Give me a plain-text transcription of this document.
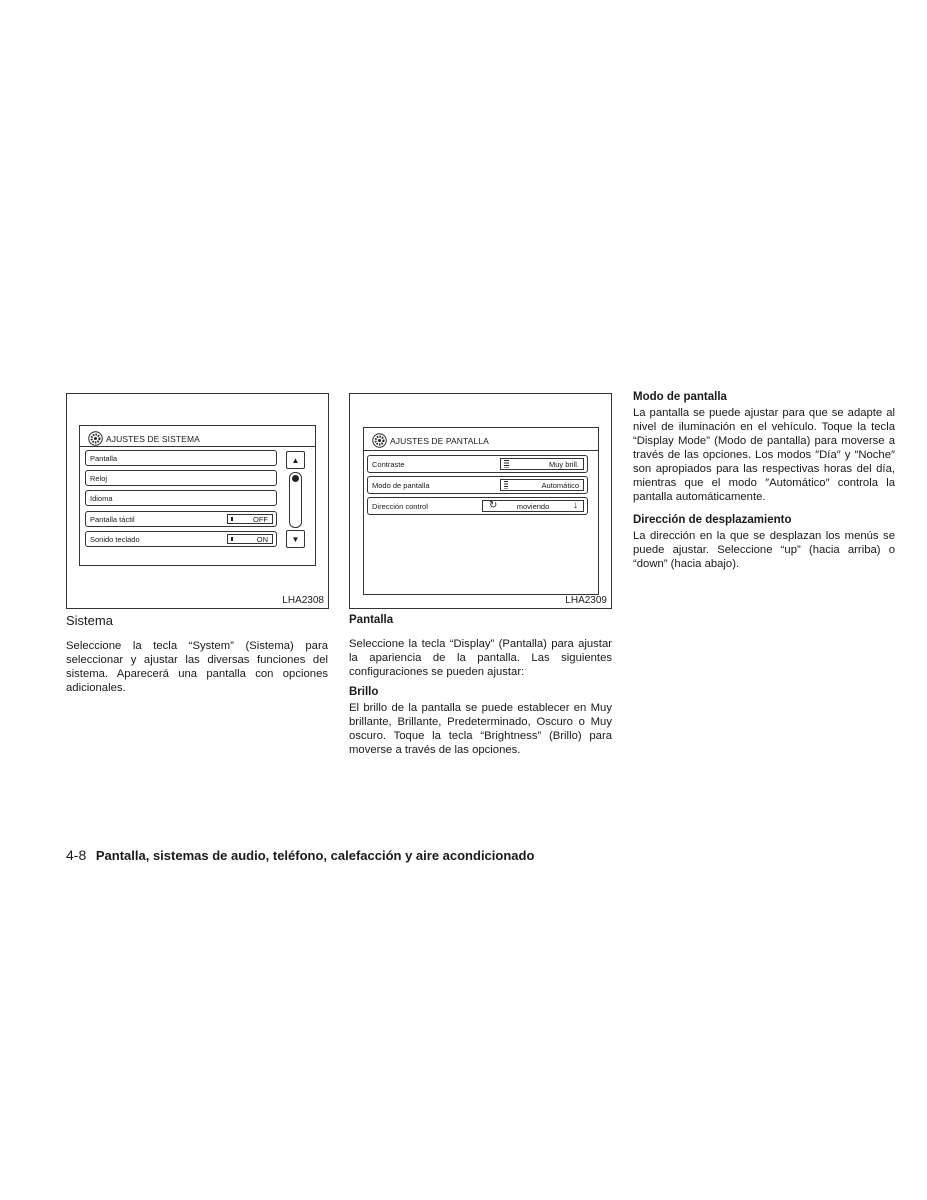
AJUSTES DE SISTEMA
Pantalla
Reloj
Idioma
Pantalla táctil	OFF
Sonido teclado	ON
▲
▼
LHA2308
AJUSTES DE PANTALLA
Contraste	Muy brill.
Modo de pantalla	Automático
Dirección control	↻	moviendo ↓
LHA2309
Sistema

Seleccione la tecla “System” (Sistema) para seleccionar y ajustar las diversas funciones del sistema. Aparecerá una pantalla con opciones adicionales.

Pantalla

Seleccione la tecla “Display” (Pantalla) para ajustar la apariencia de la pantalla. Las siguientes configuraciones se pueden ajustar:

Brillo

El brillo de la pantalla se puede establecer en Muy brillante, Brillante, Predeterminado, Oscuro o Muy oscuro. Toque la tecla “Brightness” (Brillo) para moverse a través de las opciones.

Modo de pantalla

La pantalla se puede ajustar para que se adapte al nivel de iluminación en el vehículo. Toque la tecla “Display Mode” (Modo de pantalla) para moverse a través de las opciones. Los modos ″Día″ y ″Noche″ son apropiados para las respectivas horas del día, mientras que el modo ″Automático″ controla la pantalla automáticamente.

Dirección de desplazamiento

La dirección en la que se desplazan los menús se puede ajustar. Seleccione “up” (hacia arriba) o “down” (hacia abajo).

4-8 Pantalla, sistemas de audio, teléfono, calefacción y aire acondicionado
